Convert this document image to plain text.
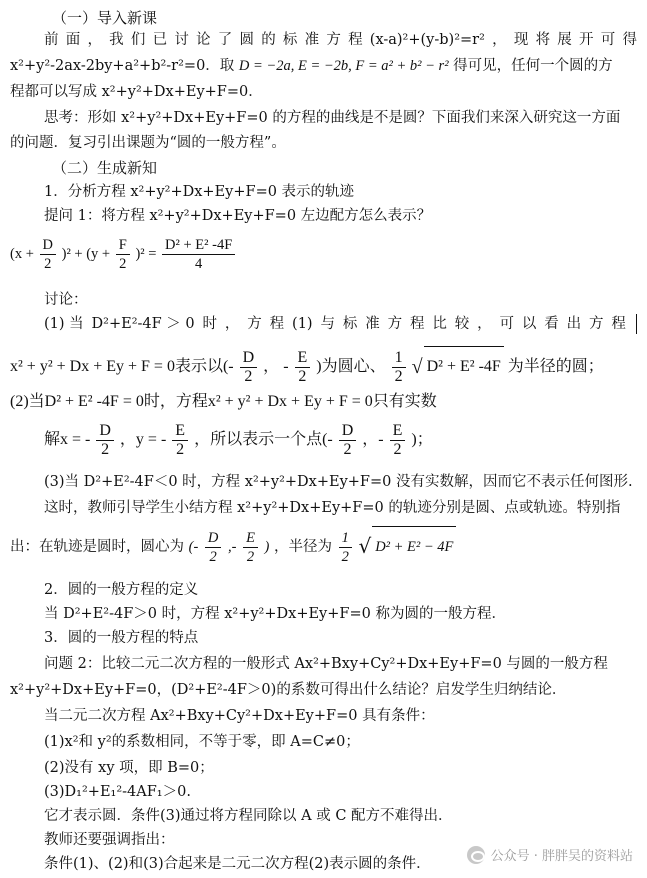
（一）导入新课
前 面 ， 我 们 已 讨 论 了 圆 的 标 准 方 程 (x-a)²+(y-b)²=r² ， 现 将 展 开 可 得
x²+y²-2ax-2by+a²+b²-r²=0．取 D = −2a, E = −2b, F = a² + b² − r² 得可见，任何一个圆的方
程都可以写成 x²+y²+Dx+Ey+F=0．
思考：形如 x²+y²+Dx+Ey+F=0 的方程的曲线是不是圆？下面我们来深入研究这一方面
的问题．复习引出课题为“圆的一般方程”。
（二）生成新知
1．分析方程 x²+y²+Dx+Ey+F=0 表示的轨迹
提问 1：将方程 x²+y²+Dx+Ey+F=0 左边配方怎么表示？
$(x + \frac{D}{2} )^2 + (y + \frac{F}{2} )^2 = \frac{\text{D² + E² -4F}}{4}$
讨论：
(1) 当 D²+E²-4F ＞ 0 时 ， 方 程 (1) 与 标 准 方 程 比 较 ， 可 以 看 出 方 程
x² + y² + Dx + Ey + F = 0表示以(- $\frac{D}{2}$ ， - $\frac{E}{2}$ )为圆心、 $\frac{1}{2}$ √ D² + E² -4F 为半径的圆；
(2)当D² + E² -4F = 0时，方程x² + y² + Dx + Ey + F = 0只有实数
解x = - $\frac{D}{2}$ ，y = - $\frac{E}{2}$ ，所以表示一个点(- $\frac{D}{2}$ ，- $\frac{E}{2}$ )；
(3)当 D²+E²-4F＜0 时，方程 x²+y²+Dx+Ey+F=0 没有实数解，因而它不表示任何图形.
这时，教师引导学生小结方程 x²+y²+Dx+Ey+F=0 的轨迹分别是圆、点或轨迹。特别指
出：在轨迹是圆时，圆心为 (- $\frac{D}{2}$ ,- $\frac{E}{2}$ ) ，半径为 $\frac{1}{2}$ √ D² + E² − 4F
2．圆的一般方程的定义
当 D²+E²-4F＞0 时，方程 x²+y²+Dx+Ey+F=0 称为圆的一般方程．
3．圆的一般方程的特点
问题 2：比较二元二次方程的一般形式 Ax²+Bxy+Cy²+Dx+Ey+F=0 与圆的一般方程
x²+y²+Dx+Ey+F=0，(D²+E²-4F＞0)的系数可得出什么结论？启发学生归纳结论．
当二元二次方程 Ax²+Bxy+Cy²+Dx+Ey+F=0 具有条件：
(1)x²和 y²的系数相同，不等于零，即 A=C≠0；
(2)没有 xy 项，即 B=0；
(3)D₁²+E₁²-4AF₁＞0.
它才表示圆．条件(3)通过将方程同除以 A 或 C 配方不难得出．
教师还要强调指出：
条件(1)、(2)和(3)合起来是二元二次方程(2)表示圆的条件．	公众号 · 胖胖吴的资料站
